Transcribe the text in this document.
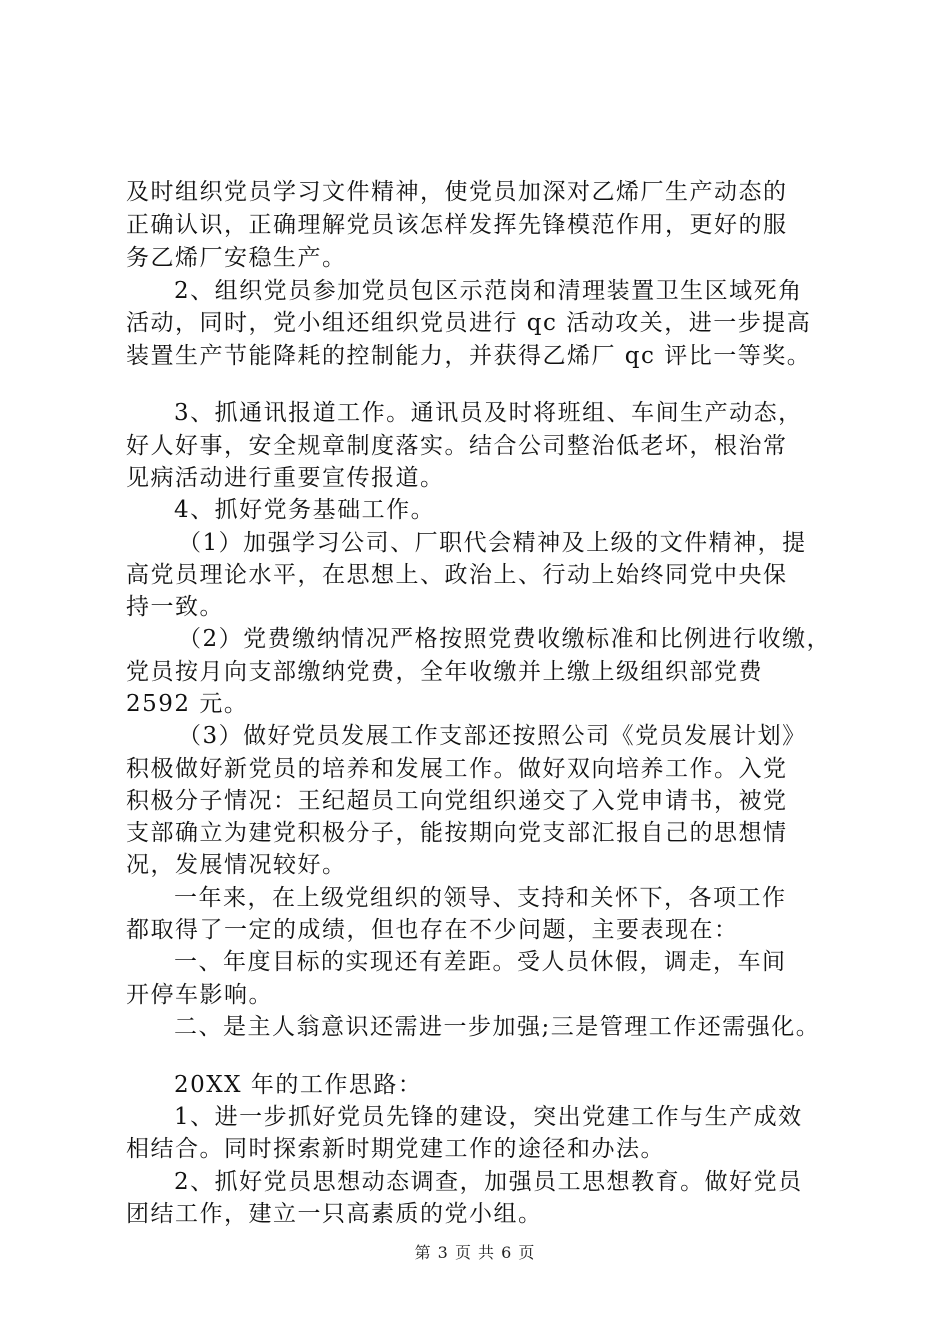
及时组织党员学习文件精神，使党员加深对乙烯厂生产动态的
正确认识，正确理解党员该怎样发挥先锋模范作用，更好的服
务乙烯厂安稳生产。
2、组织党员参加党员包区示范岗和清理装置卫生区域死角
活动，同时，党小组还组织党员进行 qc 活动攻关，进一步提高
装置生产节能降耗的控制能力，并获得乙烯厂 qc 评比一等奖。
3、抓通讯报道工作。通讯员及时将班组、车间生产动态，
好人好事，安全规章制度落实。结合公司整治低老坏，根治常
见病活动进行重要宣传报道。
4、抓好党务基础工作。
（1）加强学习公司、厂职代会精神及上级的文件精神，提
高党员理论水平，在思想上、政治上、行动上始终同党中央保
持一致。
（2）党费缴纳情况严格按照党费收缴标准和比例进行收缴，
党员按月向支部缴纳党费，全年收缴并上缴上级组织部党费
2592 元。
（3）做好党员发展工作支部还按照公司《党员发展计划》
积极做好新党员的培养和发展工作。做好双向培养工作。入党
积极分子情况：王纪超员工向党组织递交了入党申请书，被党
支部确立为建党积极分子，能按期向党支部汇报自己的思想情
况，发展情况较好。
一年来，在上级党组织的领导、支持和关怀下，各项工作
都取得了一定的成绩，但也存在不少问题，主要表现在：
一、年度目标的实现还有差距。受人员休假，调走，车间
开停车影响。
二、是主人翁意识还需进一步加强;三是管理工作还需强化。
20XX 年的工作思路：
1、进一步抓好党员先锋的建设，突出党建工作与生产成效
相结合。同时探索新时期党建工作的途径和办法。
2、抓好党员思想动态调查，加强员工思想教育。做好党员
团结工作，建立一只高素质的党小组。
第 3 页 共 6 页
